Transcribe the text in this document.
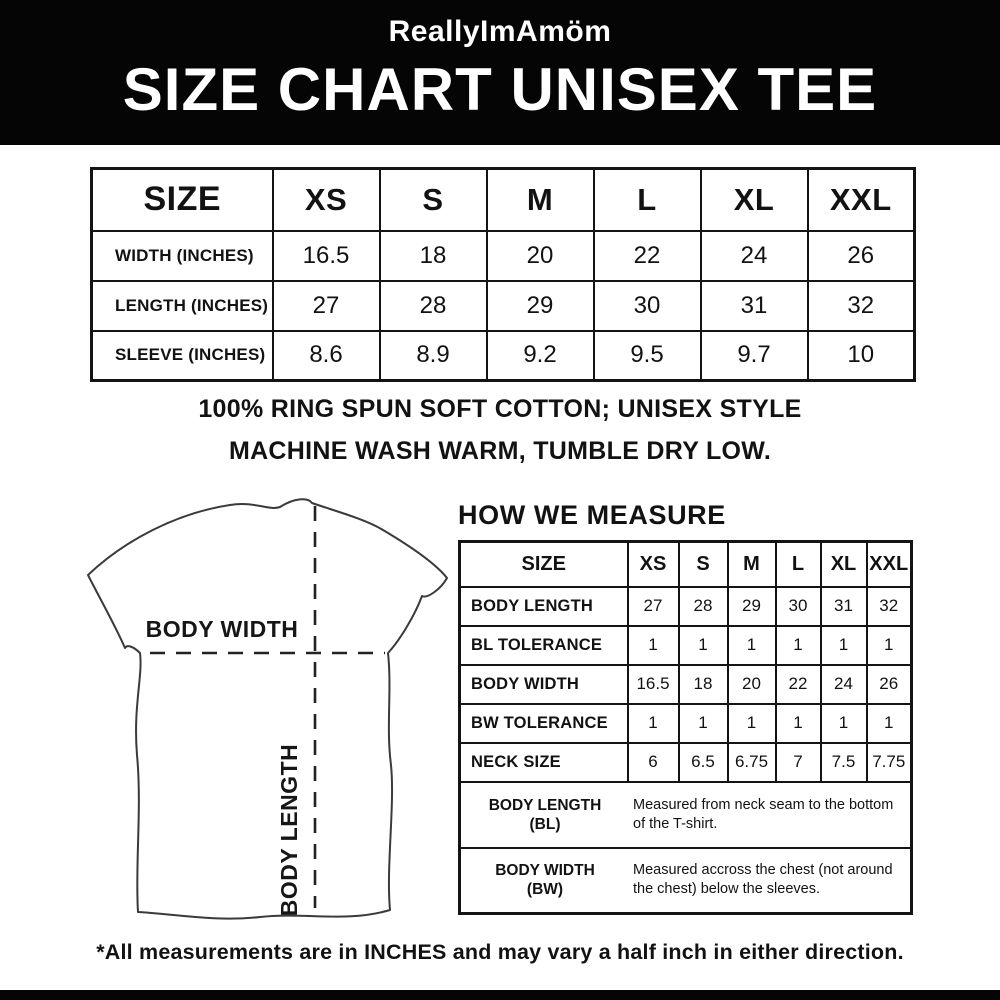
ReallyImAmöm
SIZE CHART UNISEX TEE
SIZE	XS	S	M	L	XL	XXL
WIDTH (INCHES)	16.5	18	20	22	24	26
LENGTH (INCHES)	27	28	29	30	31	32
SLEEVE (INCHES)	8.6	8.9	9.2	9.5	9.7	10
100% RING SPUN SOFT COTTON; UNISEX STYLE
MACHINE WASH WARM, TUMBLE DRY LOW.
BODY WIDTH
BODY LENGTH
HOW WE MEASURE
SIZE	XS	S	M	L	XL	XXL
BODY LENGTH	27	28	29	30	31	32
BL TOLERANCE	1	1	1	1	1	1
BODY WIDTH	16.5	18	20	22	24	26
BW TOLERANCE	1	1	1	1	1	1
NECK SIZE	6	6.5	6.75	7	7.5	7.75

BODY LENGTH
(BL)
Measured from neck seam to the bottom of the T-shirt.						

BODY WIDTH
(BW)
Measured accross the chest (not around the chest) below the sleeves.						
*All measurements are in INCHES and may vary a half inch in either direction.
